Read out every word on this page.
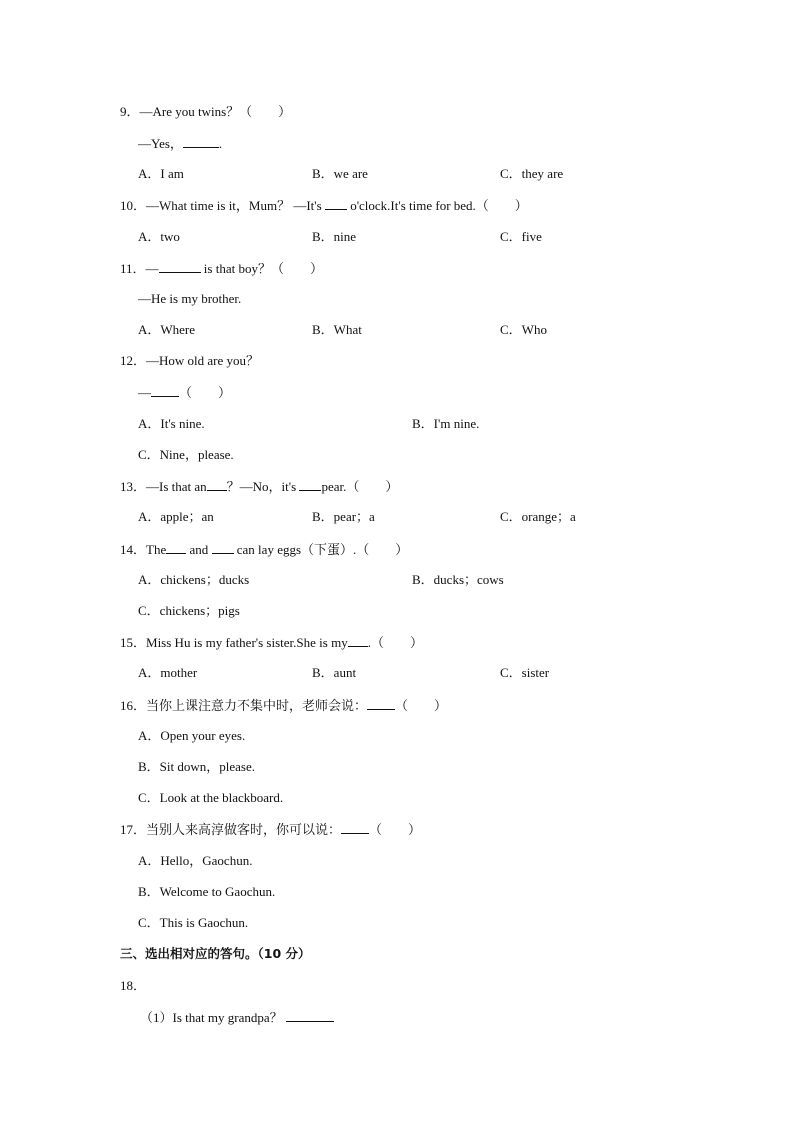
9．—Are you twins？（　　）
—Yes，	.
A．I am	B．we are	C．they are
10．—What time is it，Mum？ —It's  o'clock.It's time for bed.（　　）
A．two	B．nine	C．five
11．—	is that boy？（　　）
—He is my brother.
A．Where	B．What	C．Who
12．—How old are you？
— （　　）
A．It's nine.	B．I'm nine.
C．Nine，please.
13．—Is that an ？—No，it's pear.（　　）
A．apple；an	B．pear；a	C．orange；a
14．The and  can lay eggs（下蛋）.（　　）
A．chickens；ducks	B．ducks；cows
C．chickens；pigs
15．Miss Hu is my father's sister.She is my .（　　）
A．mother	B．aunt	C．sister
16．当你上课注意力不集中时，老师会说： （　　）
A．Open your eyes.
B．Sit down，please.
C．Look at the blackboard.
17．当别人来高淳做客时，你可以说： （　　）
A．Hello，Gaochun.
B．Welcome to Gaochun.
C．This is Gaochun.
三、选出相对应的答句。（10 分）
18．
（1）Is that my grandpa？
